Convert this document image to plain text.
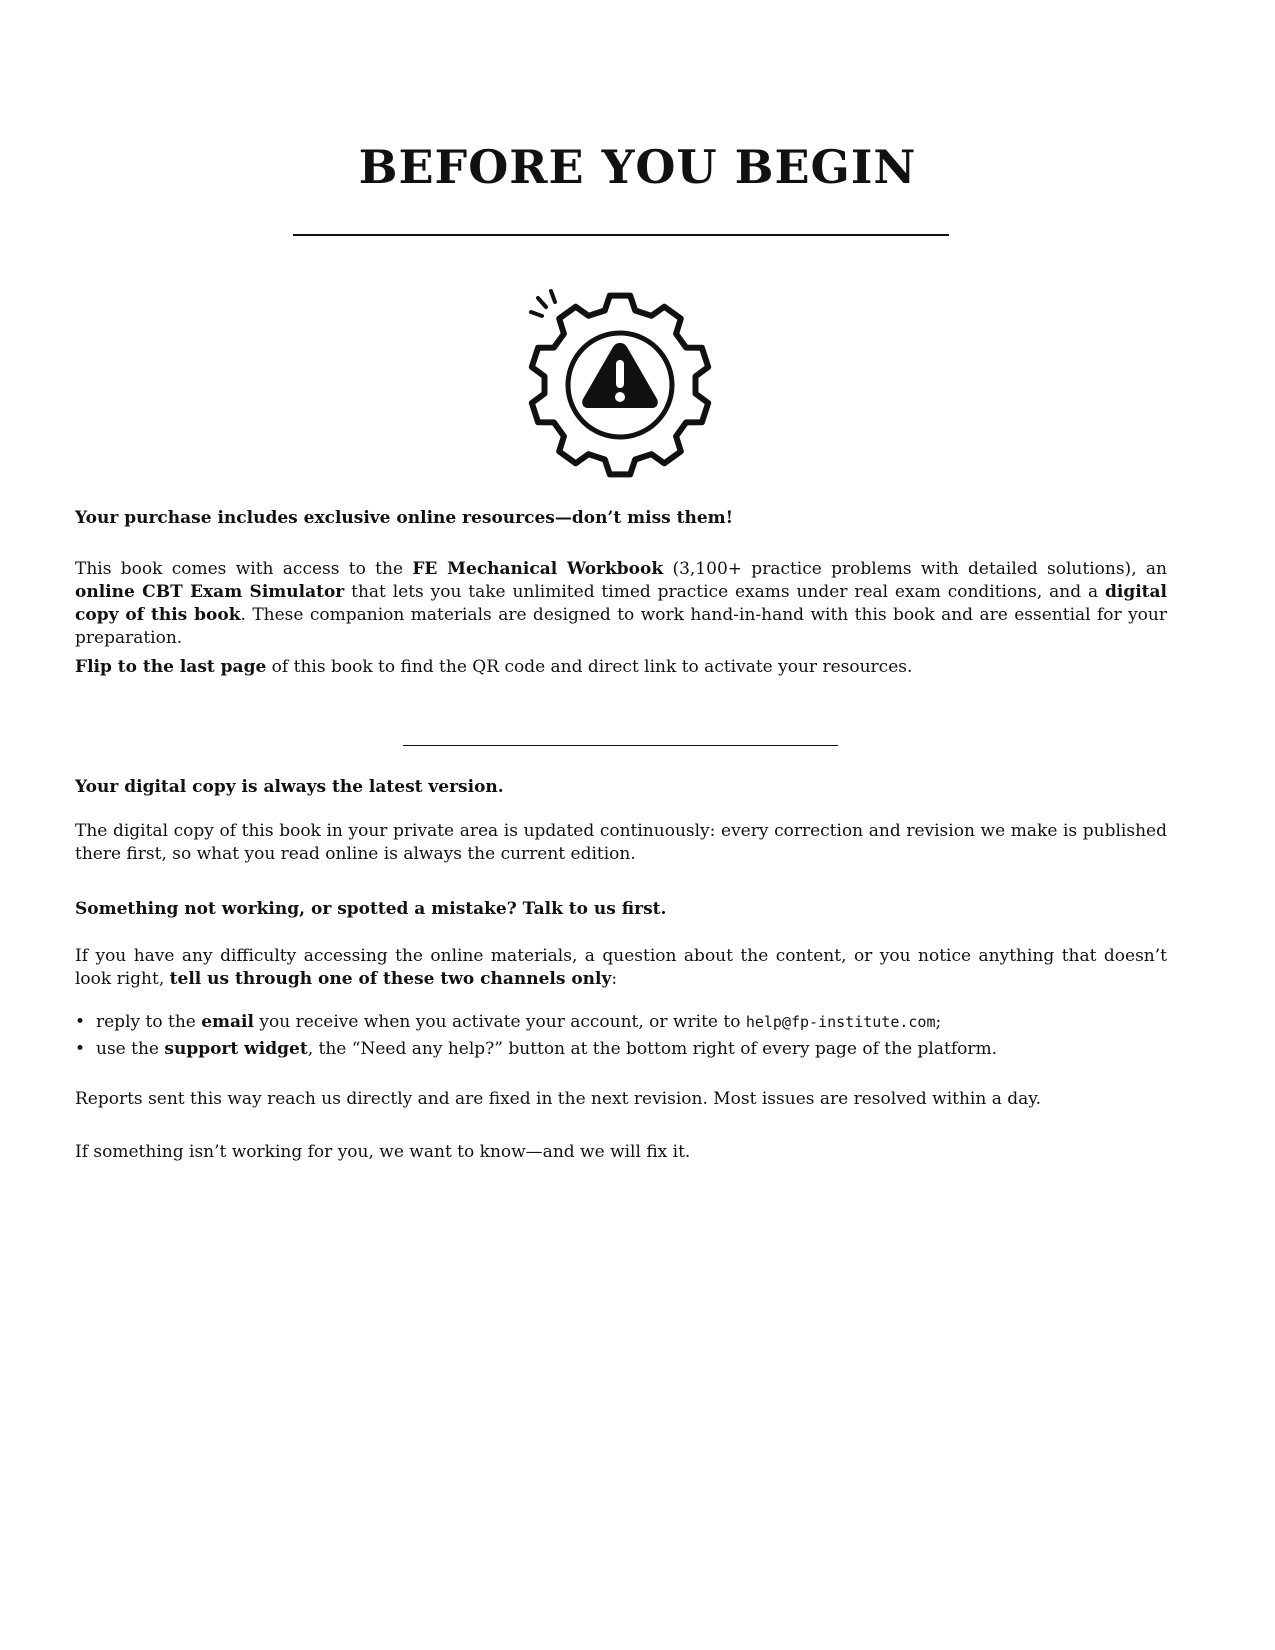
BEFORE YOU BEGIN

Your purchase includes exclusive online resources—don’t miss them!

This book comes with access to the FE Mechanical Workbook (3,100+ practice problems with detailed solutions), an online CBT Exam Simulator that lets you take unlimited timed practice exams under real exam conditions, and a digital copy of this book. These companion materials are designed to work hand-in-hand with this book and are essential for your preparation.

Flip to the last page of this book to find the QR code and direct link to activate your resources.

Your digital copy is always the latest version.

The digital copy of this book in your private area is updated continuously: every correction and revision we make is published there first, so what you read online is always the current edition.

Something not working, or spotted a mistake? Talk to us first.

If you have any difficulty accessing the online materials, a question about the content, or you notice anything that doesn’t look right, tell us through one of these two channels only:

• reply to the email you receive when you activate your account, or write to help@fp-institute.com;
• use the support widget, the “Need any help?” button at the bottom right of every page of the platform.

Reports sent this way reach us directly and are fixed in the next revision. Most issues are resolved within a day.

If something isn’t working for you, we want to know—and we will fix it.
